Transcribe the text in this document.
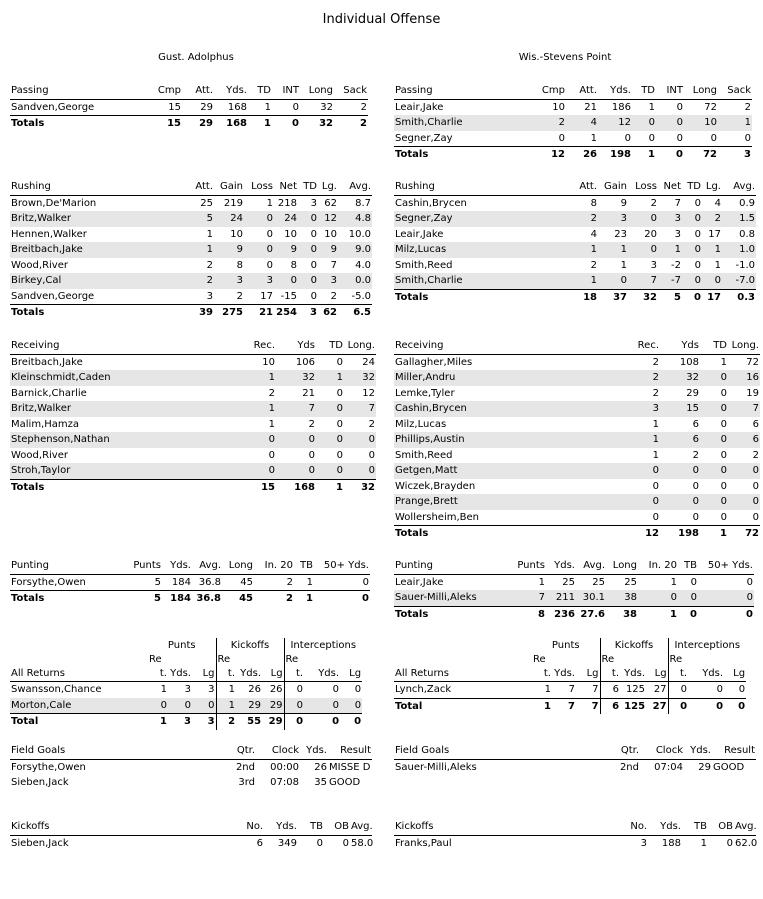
Individual Offense
Gust. Adolphus	Wis.-Stevens Point
Passing	Cmp	Att.	Yds.	TD	INT	Long	Sack
Sandven,George	15	29	168	1	0	32	2
Totals	15	29	168	1	0	32	2
Rushing	Att.	Gain	Loss	Net	TD	Lg.	Avg.
Brown,De'Marion	25	219	1	218	3	62	8.7
Britz,Walker	5	24	0	24	0	12	4.8
Hennen,Walker	1	10	0	10	0	10	10.0
Breitbach,Jake	1	9	0	9	0	9	9.0
Wood,River	2	8	0	8	0	7	4.0
Birkey,Cal	2	3	3	0	0	3	0.0
Sandven,George	3	2	17	-15	0	2	-5.0
Totals	39	275	21	254	3	62	6.5
Receiving	Rec.	Yds	TD	Long.
Breitbach,Jake	10	106	0	24
Kleinschmidt,Caden	1	32	1	32
Barnick,Charlie	2	21	0	12
Britz,Walker	1	7	0	7
Malim,Hamza	1	2	0	2
Stephenson,Nathan	0	0	0	0
Wood,River	0	0	0	0
Stroh,Taylor	0	0	0	0
Totals	15	168	1	32
Punting	Punts	Yds.	Avg.	Long	In. 20	TB	50+ Yds.
Forsythe,Owen	5	184	36.8	45	2	1	0
Totals	5	184	36.8	45	2	1	0
	Punts			Kickoffs			Interceptions		
	Re			Re			Re		
All Returns	t.	Yds.	Lg	t.	Yds.	Lg	t.	Yds.	Lg
Swansson,Chance	1	3	3	1	26	26	0	0	0
Morton,Cale	0	0	0	1	29	29	0	0	0
Total	1	3	3	2	55	29	0	0	0
Field Goals	Qtr.	Clock	Yds.	Result
Forsythe,Owen	2nd	00:00	26	MISSE D
Sieben,Jack	3rd	07:08	35	GOOD
Kickoffs	No.	Yds.	TB	OB	Avg.
Sieben,Jack	6	349	0	0	58.0
Passing	Cmp	Att.	Yds.	TD	INT	Long	Sack
Leair,Jake	10	21	186	1	0	72	2
Smith,Charlie	2	4	12	0	0	10	1
Segner,Zay	0	1	0	0	0	0	0
Totals	12	26	198	1	0	72	3
Rushing	Att.	Gain	Loss	Net	TD	Lg.	Avg.
Cashin,Brycen	8	9	2	7	0	4	0.9
Segner,Zay	2	3	0	3	0	2	1.5
Leair,Jake	4	23	20	3	0	17	0.8
Milz,Lucas	1	1	0	1	0	1	1.0
Smith,Reed	2	1	3	-2	0	1	-1.0
Smith,Charlie	1	0	7	-7	0	0	-7.0
Totals	18	37	32	5	0	17	0.3
Receiving	Rec.	Yds	TD	Long.
Gallagher,Miles	2	108	1	72
Miller,Andru	2	32	0	16
Lemke,Tyler	2	29	0	19
Cashin,Brycen	3	15	0	7
Milz,Lucas	1	6	0	6
Phillips,Austin	1	6	0	6
Smith,Reed	1	2	0	2
Getgen,Matt	0	0	0	0
Wiczek,Brayden	0	0	0	0
Prange,Brett	0	0	0	0
Wollersheim,Ben	0	0	0	0
Totals	12	198	1	72
Punting	Punts	Yds.	Avg.	Long	In. 20	TB	50+ Yds.
Leair,Jake	1	25	25	25	1	0	0
Sauer-Milli,Aleks	7	211	30.1	38	0	0	0
Totals	8	236	27.6	38	1	0	0
	Punts			Kickoffs			Interceptions		
	Re			Re			Re		
All Returns	t.	Yds.	Lg	t.	Yds.	Lg	t.	Yds.	Lg
Lynch,Zack	1	7	7	6	125	27	0	0	0
Total	1	7	7	6	125	27	0	0	0
Field Goals	Qtr.	Clock	Yds.	Result
Sauer-Milli,Aleks	2nd	07:04	29	GOOD
Kickoffs	No.	Yds.	TB	OB	Avg.
Franks,Paul	3	188	1	0	62.0
